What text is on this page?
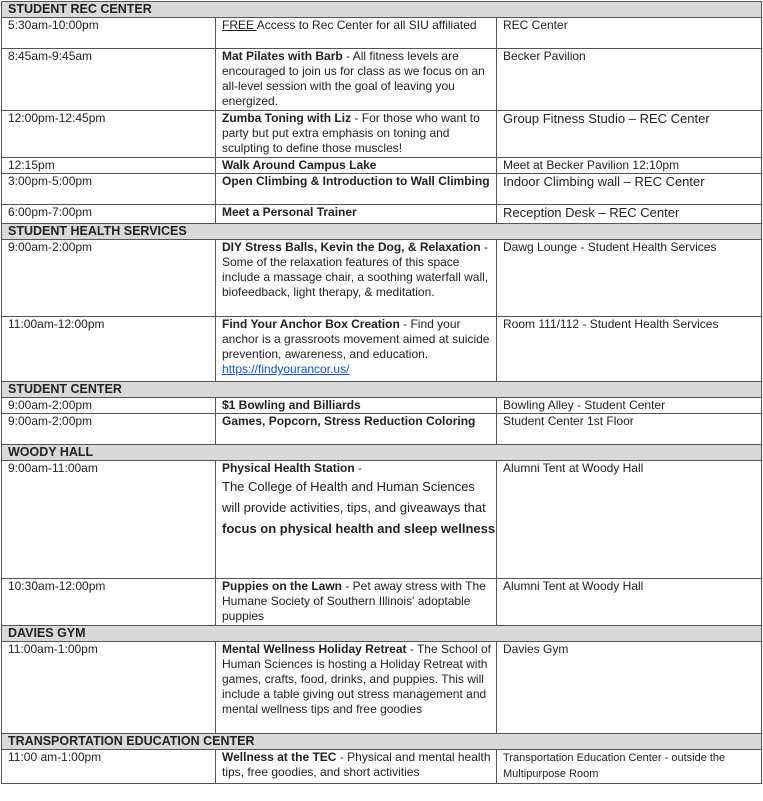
STUDENT REC CENTER		
5:30am-10:00pm	FREE Access to Rec Center for all SIU affiliated	REC Center
8:45am-9:45am	Mat Pilates with Barb - All fitness levels are encouraged to join us for class as we focus on an all-level session with the goal of leaving you energized.	Becker Pavilion
12:00pm-12:45pm	Zumba Toning with Liz - For those who want to party but put extra emphasis on toning and sculpting to define those muscles!	Group Fitness Studio – REC Center
12:15pm	Walk Around Campus Lake	Meet at Becker Pavilion 12:10pm
3:00pm-5:00pm	Open Climbing & Introduction to Wall Climbing	Indoor Climbing wall – REC Center
6:00pm-7:00pm	Meet a Personal Trainer	Reception Desk – REC Center
STUDENT HEALTH SERVICES		
9:00am-2:00pm	DIY Stress Balls, Kevin the Dog, & Relaxation - Some of the relaxation features of this space include a massage chair, a soothing waterfall wall, biofeedback, light therapy, & meditation.	Dawg Lounge - Student Health Services
11:00am-12:00pm	Find Your Anchor Box Creation - Find your anchor is a grassroots movement aimed at suicide prevention, awareness, and education. https://findyourancor.us/	Room 111/112 - Student Health Services
STUDENT CENTER		
9:00am-2:00pm	$1 Bowling and Billiards	Bowling Alley - Student Center
9:00am-2:00pm	Games, Popcorn, Stress Reduction Coloring	Student Center 1st Floor
WOODY HALL		
9:00am-11:00am	Physical Health Station -
The College of Health and Human Sciences will provide activities, tips, and giveaways that focus on physical health and sleep wellness	Alumni Tent at Woody Hall
10:30am-12:00pm	Puppies on the Lawn - Pet away stress with The Humane Society of Southern Illinois' adoptable puppies	Alumni Tent at Woody Hall
DAVIES GYM		
11:00am-1:00pm	Mental Wellness Holiday Retreat - The School of Human Sciences is hosting a Holiday Retreat with games, crafts, food, drinks, and puppies. This will include a table giving out stress management and mental wellness tips and free goodies	Davies Gym
TRANSPORTATION EDUCATION CENTER		
11:00 am-1:00pm	Wellness at the TEC - Physical and mental health tips, free goodies, and short activities	Transportation Education Center - outside the Multipurpose Room
